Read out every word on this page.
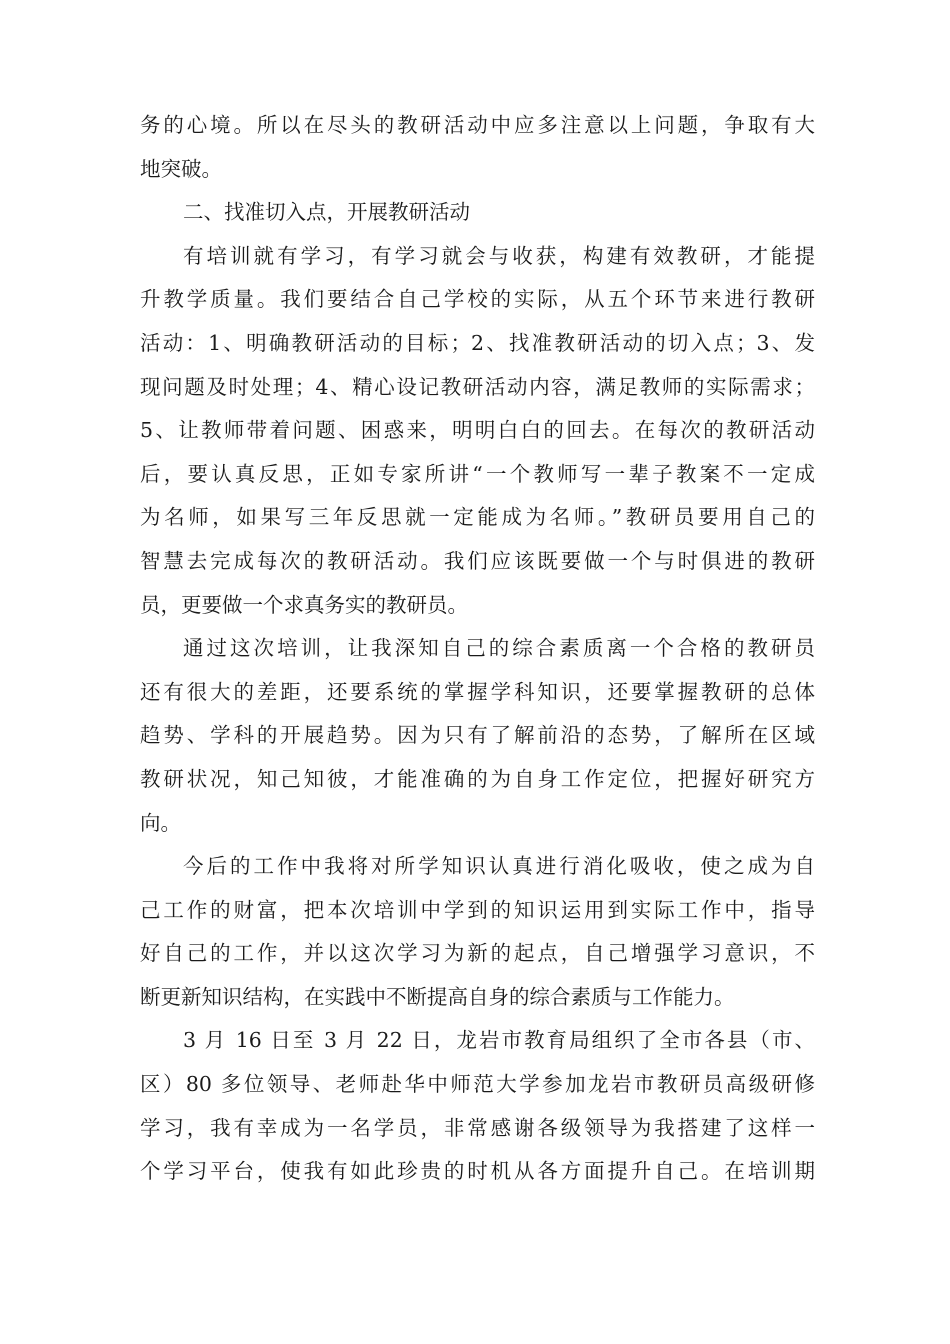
务的心境。所以在尽头的教研活动中应多注意以上问题，争取有大
地突破。
二、找准切入点，开展教研活动
有培训就有学习，有学习就会与收获，构建有效教研，才能提
升教学质量。我们要结合自己学校的实际，从五个环节来进行教研
活动：1、明确教研活动的目标；2、找准教研活动的切入点；3、发
现问题及时处理；4、精心设记教研活动内容，满足教师的实际需求；
5、让教师带着问题、困惑来，明明白白的回去。在每次的教研活动
后，要认真反思，正如专家所讲“一个教师写一辈子教案不一定成
为名师，如果写三年反思就一定能成为名师。”教研员要用自己的
智慧去完成每次的教研活动。我们应该既要做一个与时俱进的教研
员，更要做一个求真务实的教研员。
通过这次培训，让我深知自己的综合素质离一个合格的教研员
还有很大的差距，还要系统的掌握学科知识，还要掌握教研的总体
趋势、学科的开展趋势。因为只有了解前沿的态势，了解所在区域
教研状况，知己知彼，才能准确的为自身工作定位，把握好研究方
向。
今后的工作中我将对所学知识认真进行消化吸收，使之成为自
己工作的财富，把本次培训中学到的知识运用到实际工作中，指导
好自己的工作，并以这次学习为新的起点，自己增强学习意识，不
断更新知识结构，在实践中不断提高自身的综合素质与工作能力。
3 月 16 日至 3 月 22 日，龙岩市教育局组织了全市各县（市、
区）80 多位领导、老师赴华中师范大学参加龙岩市教研员高级研修
学习，我有幸成为一名学员，非常感谢各级领导为我搭建了这样一
个学习平台，使我有如此珍贵的时机从各方面提升自己。在培训期
